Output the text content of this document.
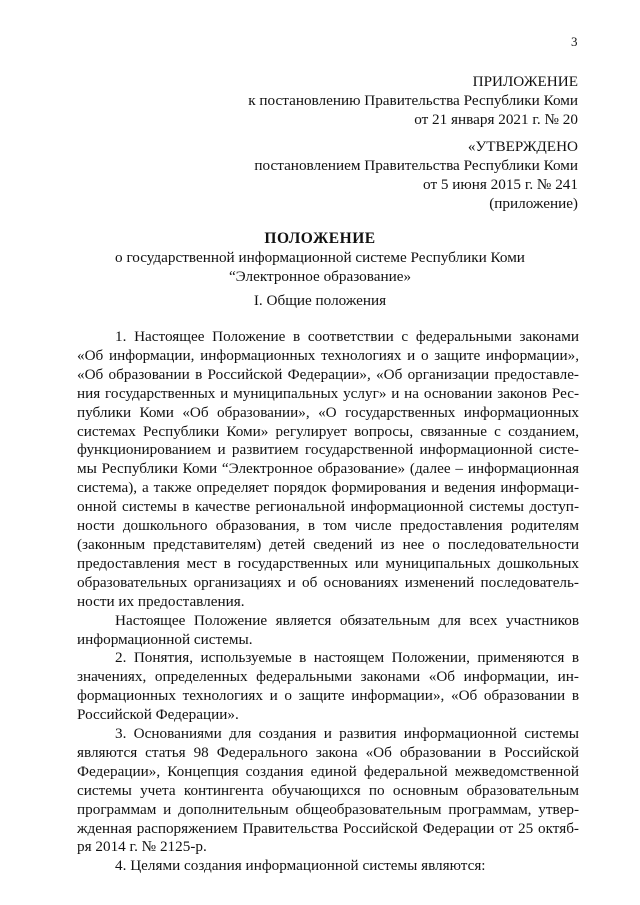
3
ПРИЛОЖЕНИЕ
к постановлению Правительства Республики Коми
от 21 января 2021 г. № 20
«УТВЕРЖДЕНО
постановлением Правительства Республики Коми
от 5 июня 2015 г. № 241
(приложение)
ПОЛОЖЕНИЕ
о государственной информационной системе Республики Коми
“Электронное образование»
I. Общие положения
1. Настоящее Положение в соответствии с федеральными законами
«Об информации, информационных технологиях и о защите информации»,
«Об образовании в Российской Федерации», «Об организации предоставле-
ния государственных и муниципальных услуг» и на основании законов Рес-
публики Коми «Об образовании», «О государственных информационных
системах Республики Коми» регулирует вопросы, связанные с созданием,
функционированием и развитием государственной информационной систе-
мы Республики Коми “Электронное образование» (далее – информационная
система), а также определяет порядок формирования и ведения информаци-
онной системы в качестве региональной информационной системы доступ-
ности дошкольного образования, в том числе предоставления родителям
(законным представителям) детей сведений из нее о последовательности
предоставления мест в государственных или муниципальных дошкольных
образовательных организациях и об основаниях изменений последователь-
ности их предоставления.
Настоящее Положение является обязательным для всех участников
информационной системы.
2. Понятия, используемые в настоящем Положении, применяются в
значениях, определенных федеральными законами «Об информации, ин-
формационных технологиях и о защите информации», «Об образовании в
Российской Федерации».
3. Основаниями для создания и развития информационной системы
являются статья 98 Федерального закона «Об образовании в Российской
Федерации», Концепция создания единой федеральной межведомственной
системы учета контингента обучающихся по основным образовательным
программам и дополнительным общеобразовательным программам, утвер-
жденная распоряжением Правительства Российской Федерации от 25 октяб-
ря 2014 г. № 2125-р.
4. Целями создания информационной системы являются:
